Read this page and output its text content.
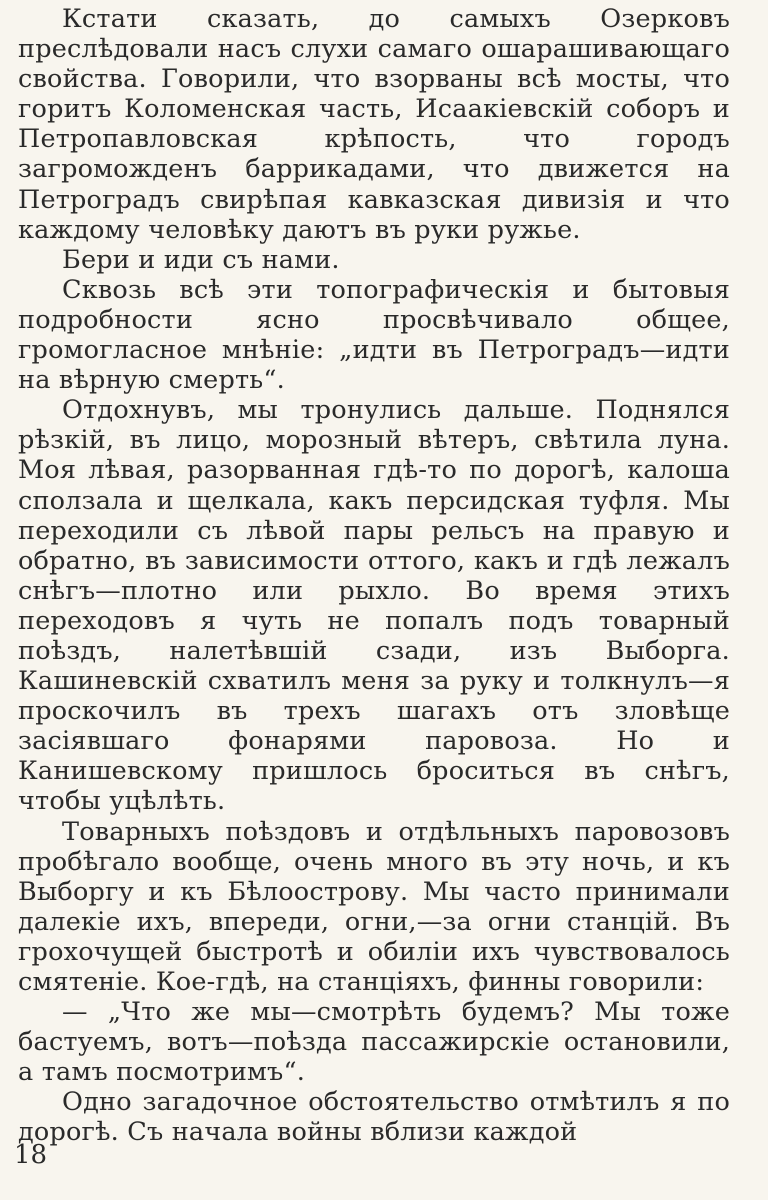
Кстати сказать, до самыхъ Озерковъ преслѣдовали насъ слухи самаго ошарашивающаго свойства. Говорили, что взорваны всѣ мосты, что горитъ Коломенская часть, Исаакіевскій соборъ и Петропавловская крѣпость, что городъ загроможденъ баррикадами, что движется на Петроградъ свирѣпая кавказская дивизія и что каждому человѣку даютъ въ руки ружье.

Бери и иди съ нами.

Сквозь всѣ эти топографическія и бытовыя подробности ясно просвѣчивало общее, громогласное мнѣніе: „идти въ Петроградъ—идти на вѣрную смерть“.

Отдохнувъ, мы тронулись дальше. Поднялся рѣзкій, въ лицо, морозный вѣтеръ, свѣтила луна. Моя лѣвая, разорванная гдѣ-то по дорогѣ, калоша сползала и щелкала, какъ персидская туфля. Мы переходили съ лѣвой пары рельсъ на правую и обратно, въ зависимости оттого, какъ и гдѣ лежалъ снѣгъ—плотно или рыхло. Во время этихъ переходовъ я чуть не попалъ подъ товарный поѣздъ, налетѣвшій сзади, изъ Выборга. Кашиневскій схватилъ меня за руку и толкнулъ—я проскочилъ въ трехъ шагахъ отъ зловѣще засіявшаго фонарями паровоза. Но и Канишевскому пришлось броситься въ снѣгъ, чтобы уцѣлѣть.

Товарныхъ поѣздовъ и отдѣльныхъ паровозовъ пробѣгало вообще, очень много въ эту ночь, и къ Выборгу и къ Бѣлоострову. Мы часто принимали далекіе ихъ, впереди, огни,—за огни станцій. Въ грохочущей быстротѣ и обиліи ихъ чувствовалось смятеніе. Кое-гдѣ, на станціяхъ, финны говорили:

— „Что же мы—смотрѣть будемъ? Мы тоже бастуемъ, вотъ—поѣзда пассажирскіе остановили, а тамъ посмотримъ“.

Одно загадочное обстоятельство отмѣтилъ я по дорогѣ. Съ начала войны вблизи каждой

18
